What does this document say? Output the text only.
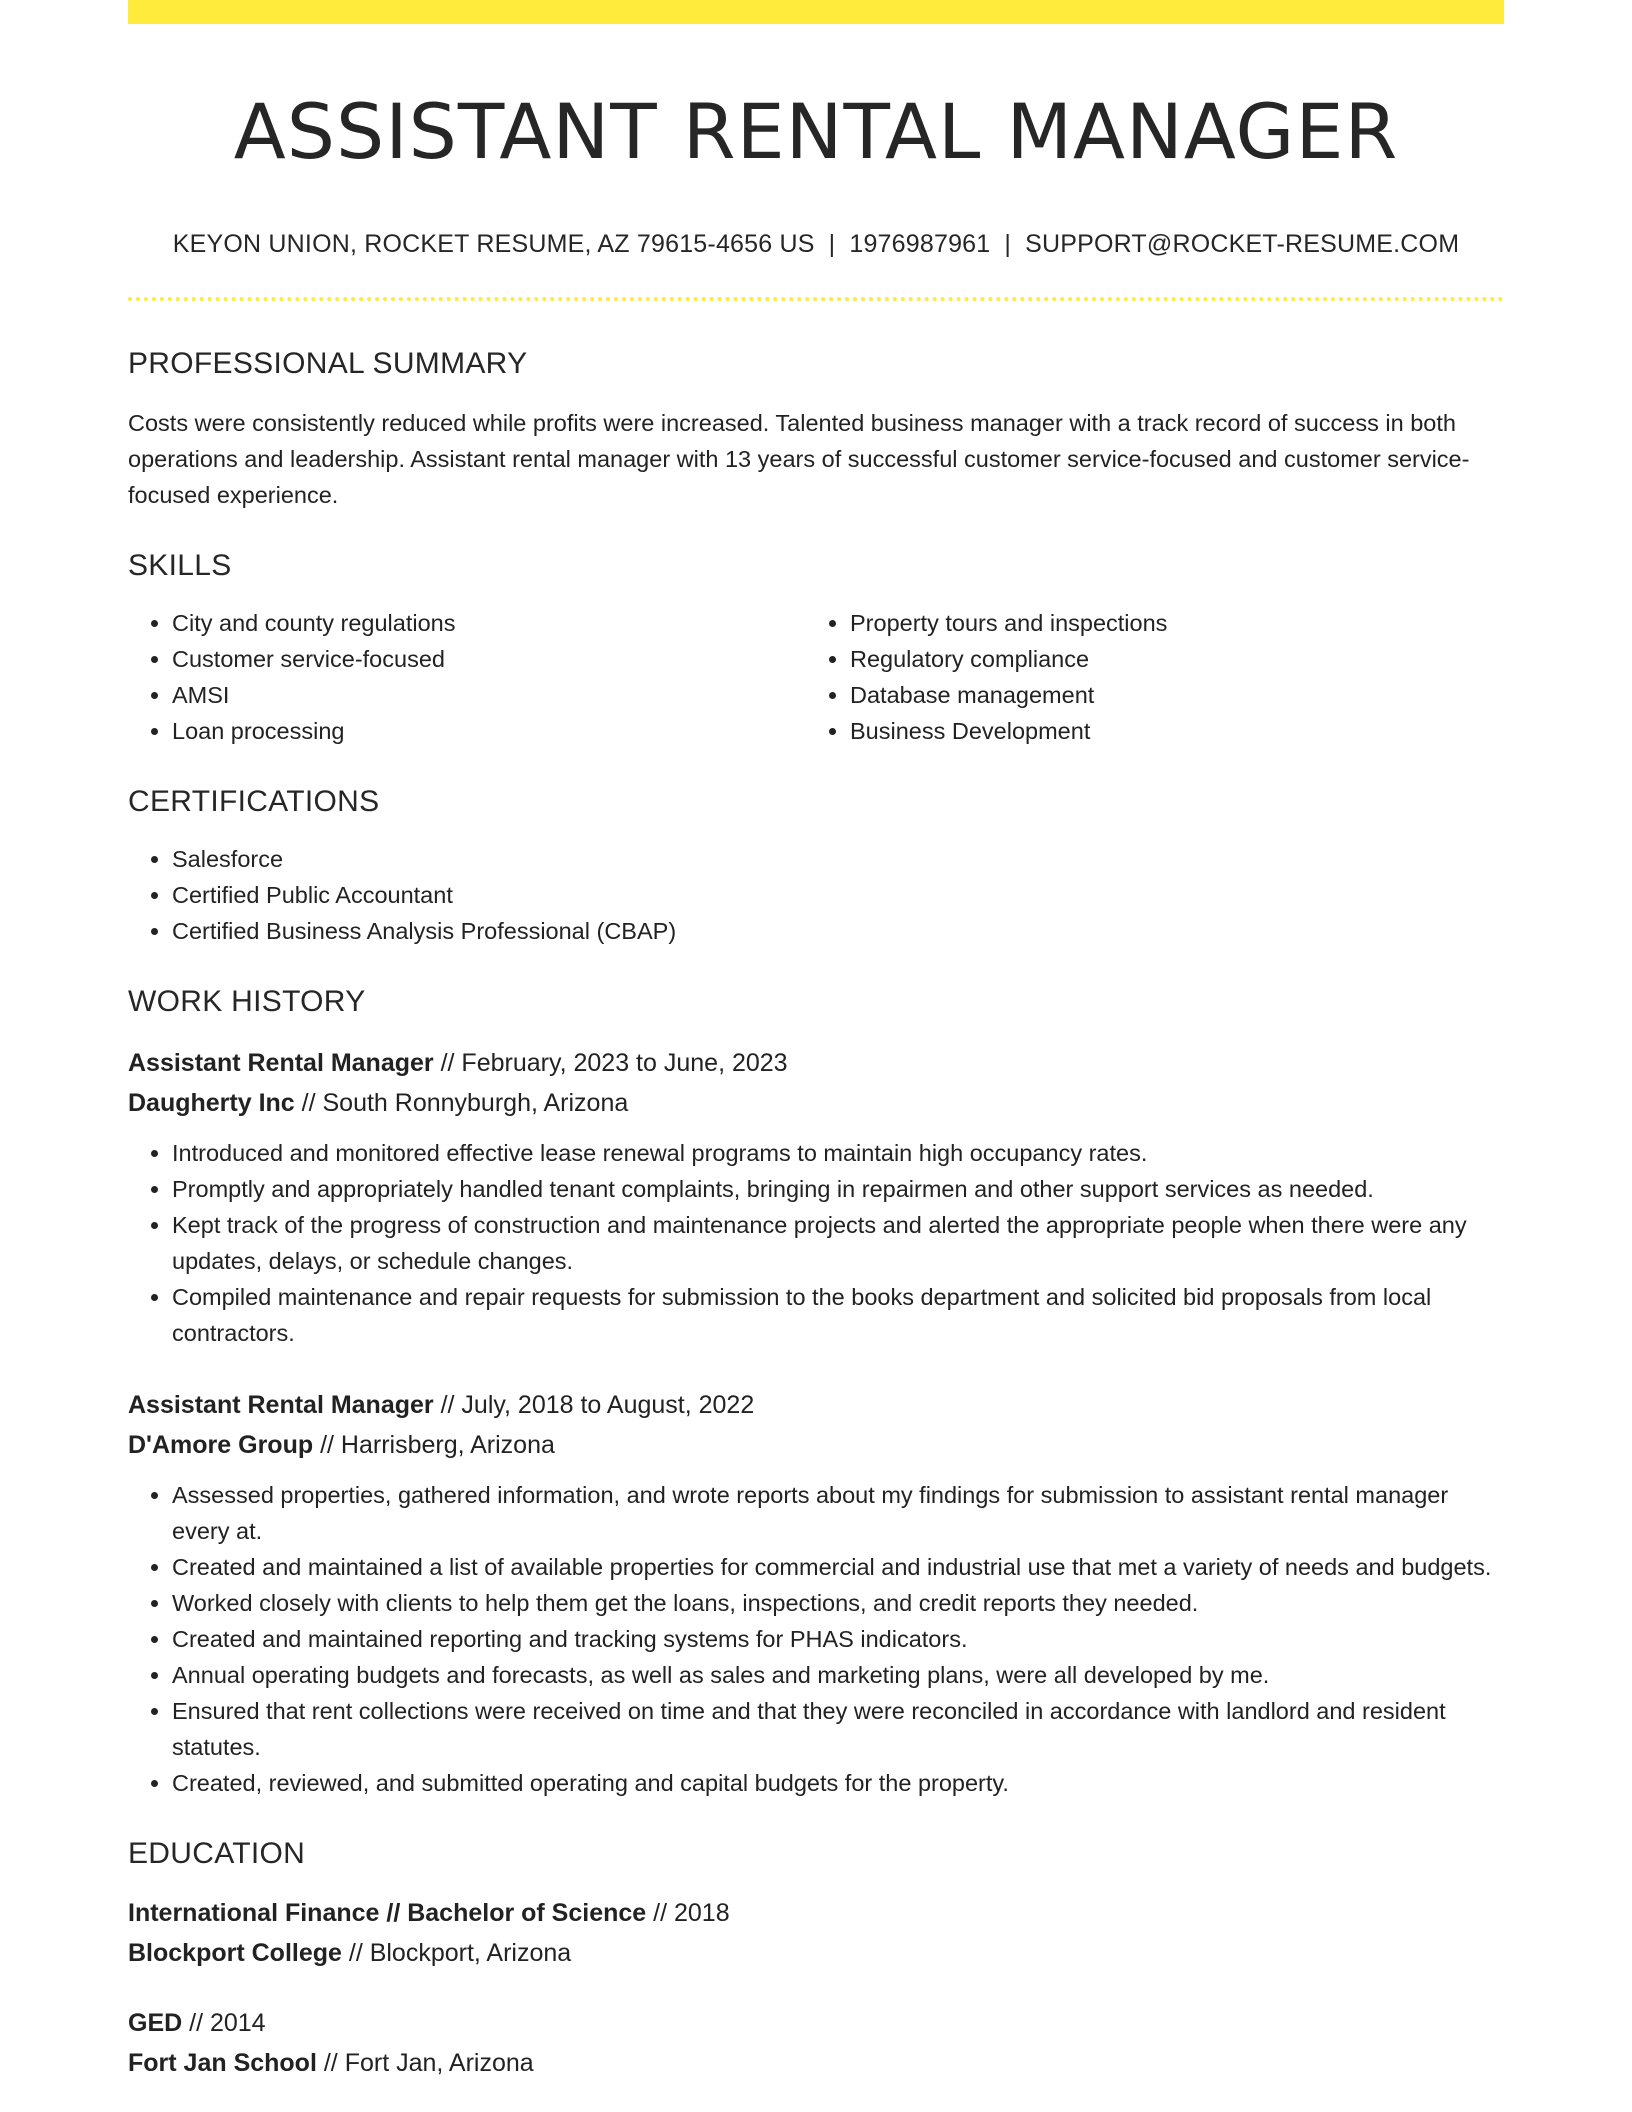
ASSISTANT RENTAL MANAGER
KEYON UNION, ROCKET RESUME, AZ 79615-4656 US | 1976987961 | SUPPORT@ROCKET-RESUME.COM
PROFESSIONAL SUMMARY

Costs were consistently reduced while profits were increased. Talented business manager with a track record of success in both operations and leadership. Assistant rental manager with 13 years of successful customer service-focused and customer service-focused experience.

SKILLS
• City and county regulations
• Customer service-focused
• AMSI
• Loan processing
• Property tours and inspections
• Regulatory compliance
• Database management
• Business Development
CERTIFICATIONS
• Salesforce
• Certified Public Accountant
• Certified Business Analysis Professional (CBAP)
WORK HISTORY
Assistant Rental Manager // February, 2023 to June, 2023
Daugherty Inc // South Ronnyburgh, Arizona
• Introduced and monitored effective lease renewal programs to maintain high occupancy rates.
• Promptly and appropriately handled tenant complaints, bringing in repairmen and other support services as needed.
• Kept track of the progress of construction and maintenance projects and alerted the appropriate people when there were any updates, delays, or schedule changes.
• Compiled maintenance and repair requests for submission to the books department and solicited bid proposals from local contractors.
Assistant Rental Manager // July, 2018 to August, 2022
D'Amore Group // Harrisberg, Arizona
• Assessed properties, gathered information, and wrote reports about my findings for submission to assistant rental manager every at.
• Created and maintained a list of available properties for commercial and industrial use that met a variety of needs and budgets.
• Worked closely with clients to help them get the loans, inspections, and credit reports they needed.
• Created and maintained reporting and tracking systems for PHAS indicators.
• Annual operating budgets and forecasts, as well as sales and marketing plans, were all developed by me.
• Ensured that rent collections were received on time and that they were reconciled in accordance with landlord and resident statutes.
• Created, reviewed, and submitted operating and capital budgets for the property.
EDUCATION
International Finance // Bachelor of Science // 2018
Blockport College // Blockport, Arizona
GED // 2014
Fort Jan School // Fort Jan, Arizona
